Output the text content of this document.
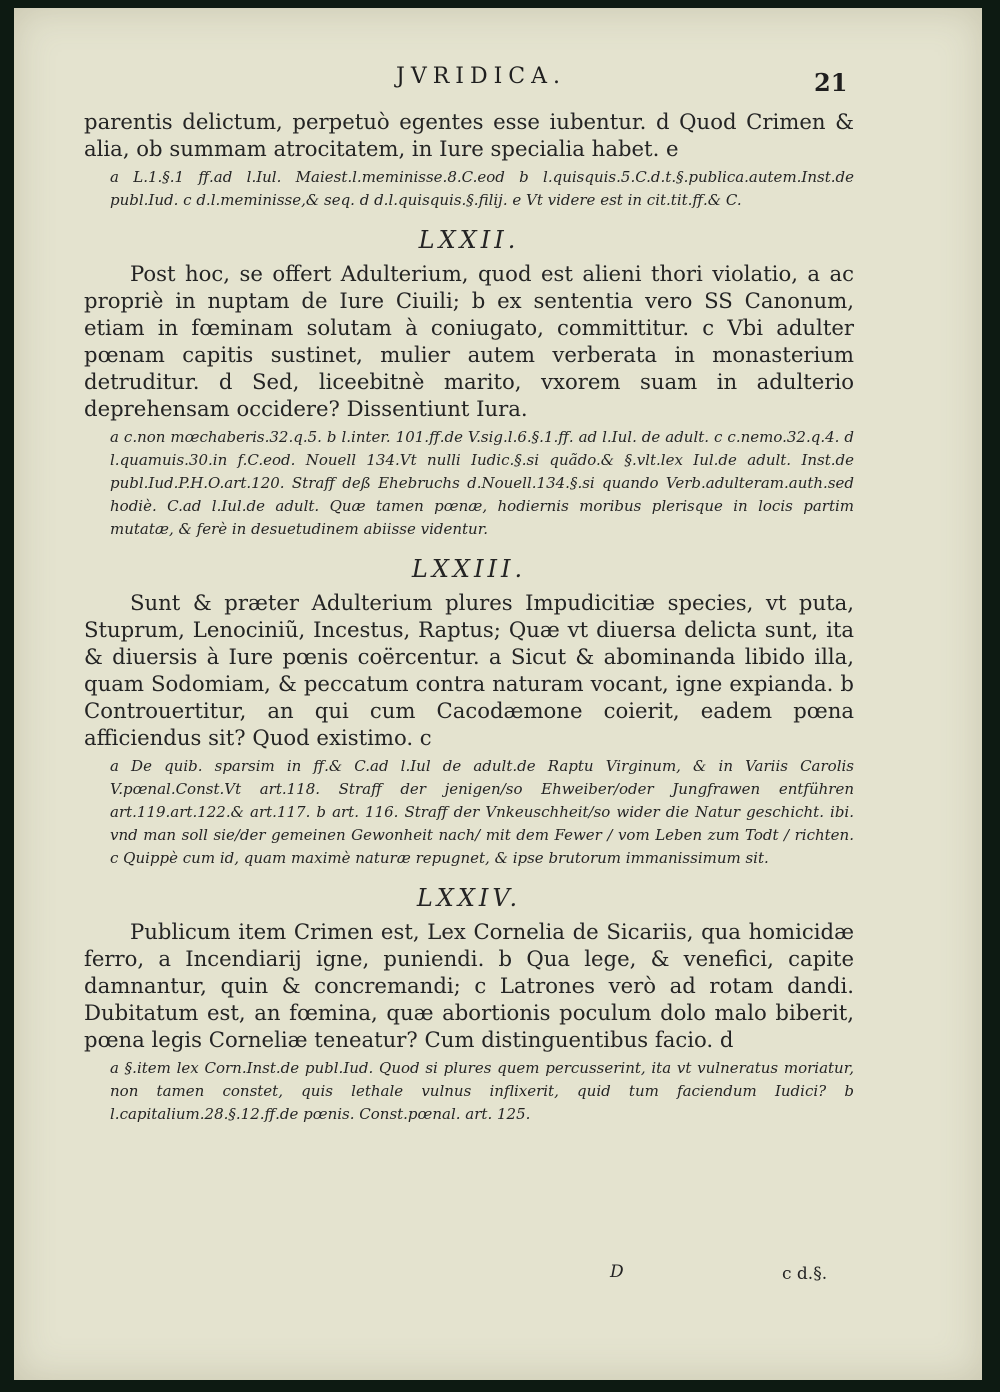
JVRIDICA.	21

parentis delictum, perpetuò egentes esse iubentur. d Quod Crimen & alia, ob summam atrocitatem, in Iure specialia habet. e

a L.1.§.1 ff.ad l.Iul. Maiest.l.meminisse.8.C.eod b l.quisquis.5.C.d.t.§.publica.autem.Inst.de publ.Iud. c d.l.meminisse,& seq. d d.l.quisquis.§.filij. e Vt videre est in cit.tit.ff.& C.

LXXII.

Post hoc, se offert Adulterium, quod est alieni thori violatio, a ac propriè in nuptam de Iure Ciuili; b ex sententia vero SS Canonum, etiam in fœminam solutam à coniugato, committitur. c Vbi adulter pœnam capitis sustinet, mulier autem verberata in monasterium detruditur. d Sed, liceebitnè marito, vxorem suam in adulterio deprehensam occidere? Dissentiunt Iura.

a c.non mœchaberis.32.q.5. b l.inter. 101.ff.de V.sig.l.6.§.1.ff. ad l.Iul. de adult. c c.nemo.32.q.4. d l.quamuis.30.in f.C.eod. Nouell 134.Vt nulli Iudic.§.si quãdo.& §.vlt.lex Iul.de adult. Inst.de publ.Iud.P.H.O.art.120. Straff deß Ehebruchs d.Nouell.134.§.si quando Verb.adulteram.auth.sed hodiè. C.ad l.Iul.de adult. Quæ tamen pœnæ, hodiernis moribus plerisque in locis partim mutatæ, & ferè in desuetudinem abiisse videntur.

LXXIII.

Sunt & præter Adulterium plures Impudicitiæ species, vt puta, Stuprum, Lenociniũ, Incestus, Raptus; Quæ vt diuersa delicta sunt, ita & diuersis à Iure pœnis coërcentur. a Sicut & abominanda libido illa, quam Sodomiam, & peccatum contra naturam vocant, igne expianda. b Controuertitur, an qui cum Cacodæmone coierit, eadem pœna afficiendus sit? Quod existimo. c

a De quib. sparsim in ff.& C.ad l.Iul de adult.de Raptu Virginum, & in Variis Carolis V.pœnal.Const.Vt art.118. Straff der jenigen/so Ehweiber/oder Jungfrawen entführen art.119.art.122.& art.117. b art. 116. Straff der Vnkeuschheit/so wider die Natur geschicht. ibi. vnd man soll sie/der gemeinen Gewonheit nach/ mit dem Fewer / vom Leben zum Todt / richten. c Quippè cum id, quam maximè naturæ repugnet, & ipse brutorum immanissimum sit.

LXXIV.

Publicum item Crimen est, Lex Cornelia de Sicariis, qua homicidæ ferro, a Incendiarij igne, puniendi. b Qua lege, & venefici, capite damnantur, quin & concremandi; c Latrones verò ad rotam dandi. Dubitatum est, an fœmina, quæ abortionis poculum dolo malo biberit, pœna legis Corneliæ teneatur? Cum distinguentibus facio. d

a §.item lex Corn.Inst.de publ.Iud. Quod si plures quem percusserint, ita vt vulneratus moriatur, non tamen constet, quis lethale vulnus inflixerit, quid tum faciendum Iudici? b l.capitalium.28.§.12.ff.de pœnis. Const.pœnal. art. 125.

D	c d.§.
